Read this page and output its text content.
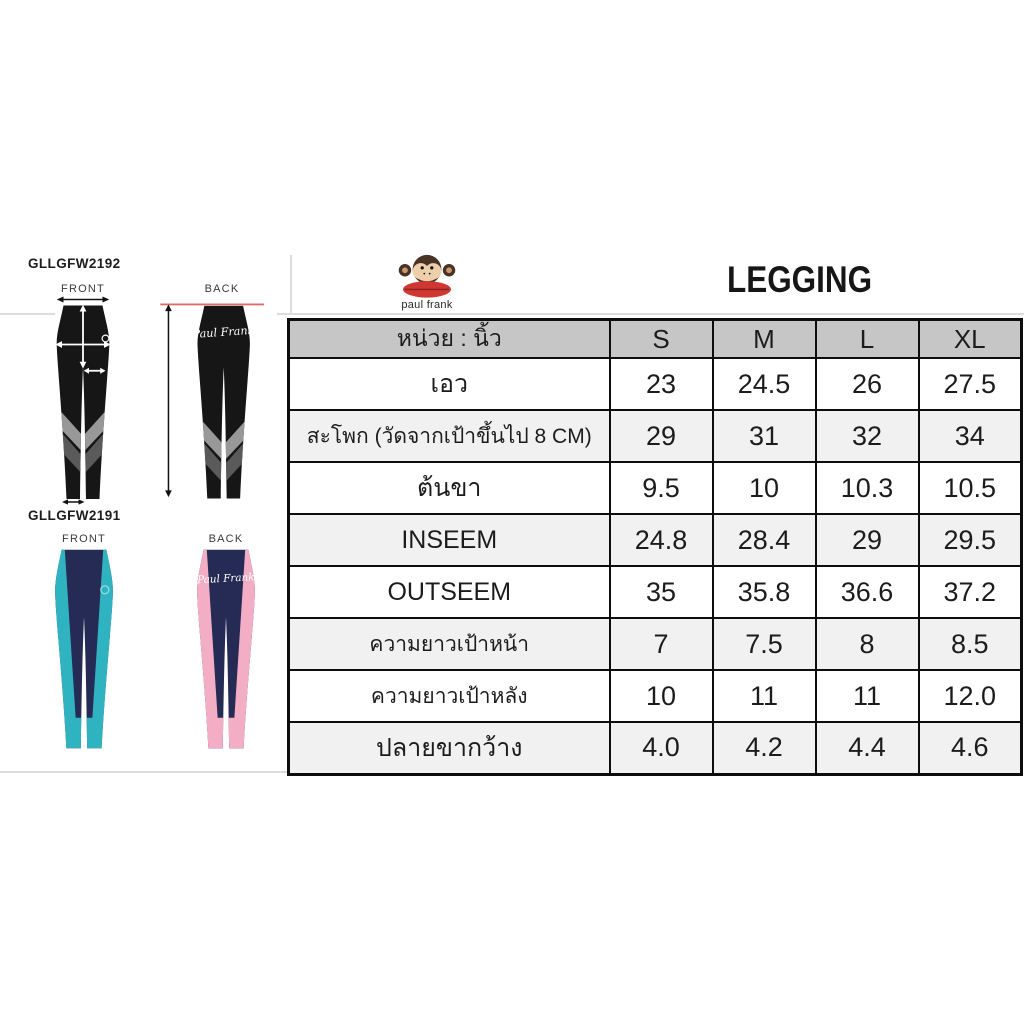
GLLGFW2192
FRONT	BACK
Paul Frank
GLLGFW2191
FRONT	BACK
Paul Frank
paul frank
LEGGING
หน่วย : นิ้ว	S	M	L	XL
เอว	23	24.5	26	27.5
สะโพก (วัดจากเป้าขึ้นไป 8 CM)	29	31	32	34
ต้นขา	9.5	10	10.3	10.5
INSEEM	24.8	28.4	29	29.5
OUTSEEM	35	35.8	36.6	37.2
ความยาวเป้าหน้า	7	7.5	8	8.5
ความยาวเป้าหลัง	10	11	11	12.0
ปลายขากว้าง	4.0	4.2	4.4	4.6
